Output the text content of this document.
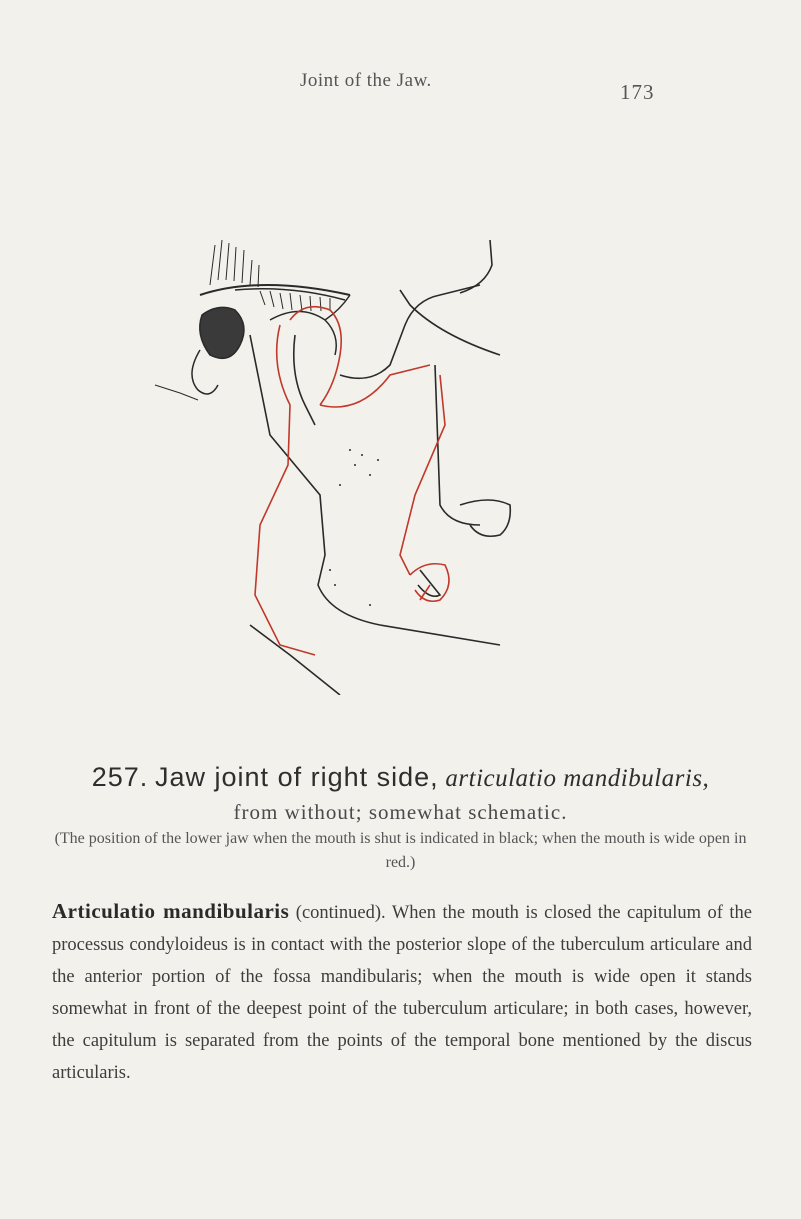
Joint of the Jaw.	173
257. Jaw joint of right side, articulatio mandibularis,
from without; somewhat schematic.
(The position of the lower jaw when the mouth is shut is indicated in black; when the mouth is wide open in red.)
Articulatio mandibularis (continued). When the mouth is closed the capitulum of the processus condyloideus is in contact with the posterior slope of the tuberculum articulare and the anterior portion of the fossa mandibularis; when the mouth is wide open it stands somewhat in front of the deepest point of the tuberculum articulare; in both cases, however, the capitulum is separated from the points of the temporal bone mentioned by the discus articularis.
